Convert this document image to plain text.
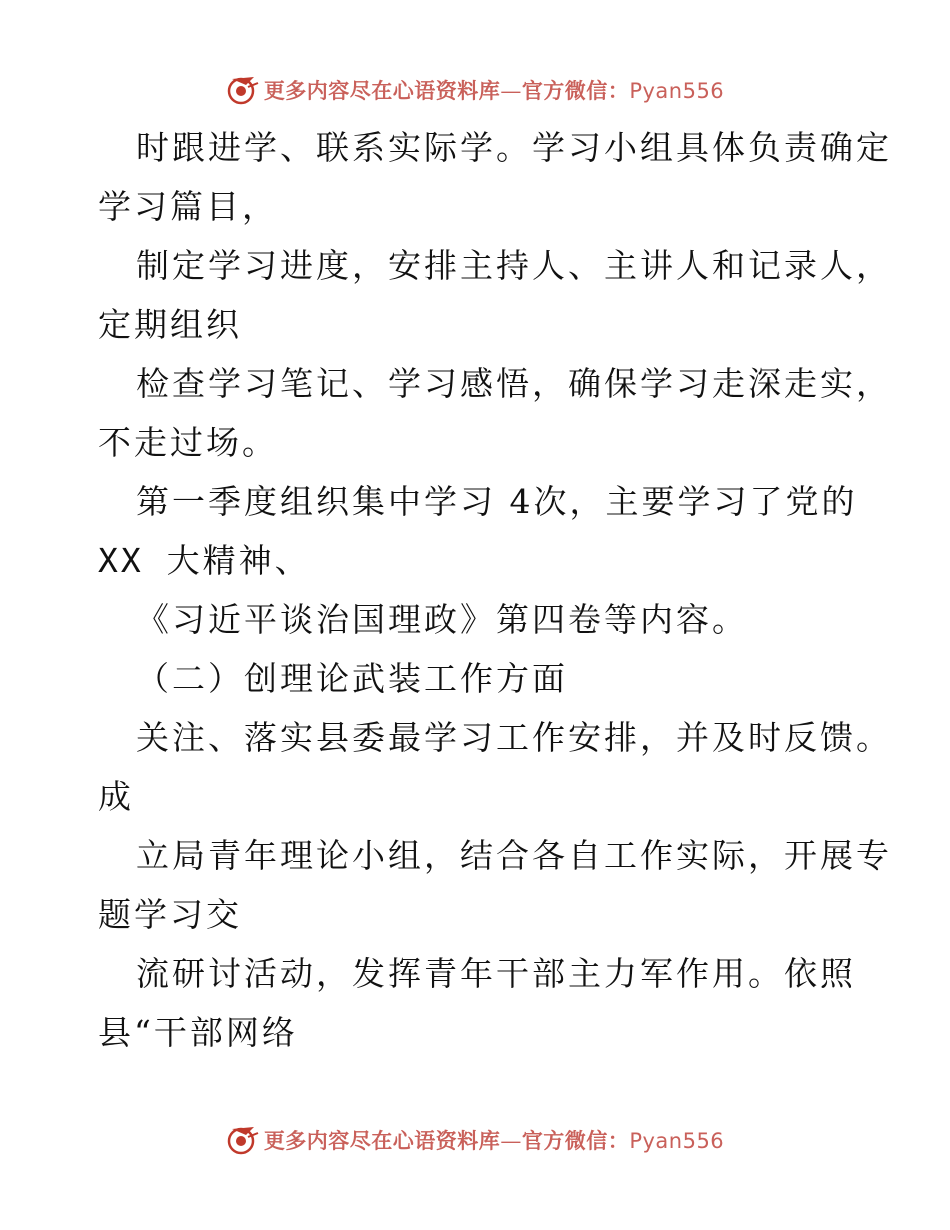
更多内容尽在心语资料库—官方微信：Pyan556
时跟进学、联系实际学。学习小组具体负责确定
学习篇目，
制定学习进度，安排主持人、主讲人和记录人，
定期组织
检查学习笔记、学习感悟，确保学习走深走实，
不走过场。
第一季度组织集中学习 4次，主要学习了党的
XX 大精神、
《习近平谈治国理政》第四卷等内容。
（二）创理论武装工作方面
关注、落实县委最学习工作安排，并及时反馈。
成
立局青年理论小组，结合各自工作实际，开展专
题学习交
流研讨活动，发挥青年干部主力军作用。依照
县“干部网络
更多内容尽在心语资料库—官方微信：Pyan556
